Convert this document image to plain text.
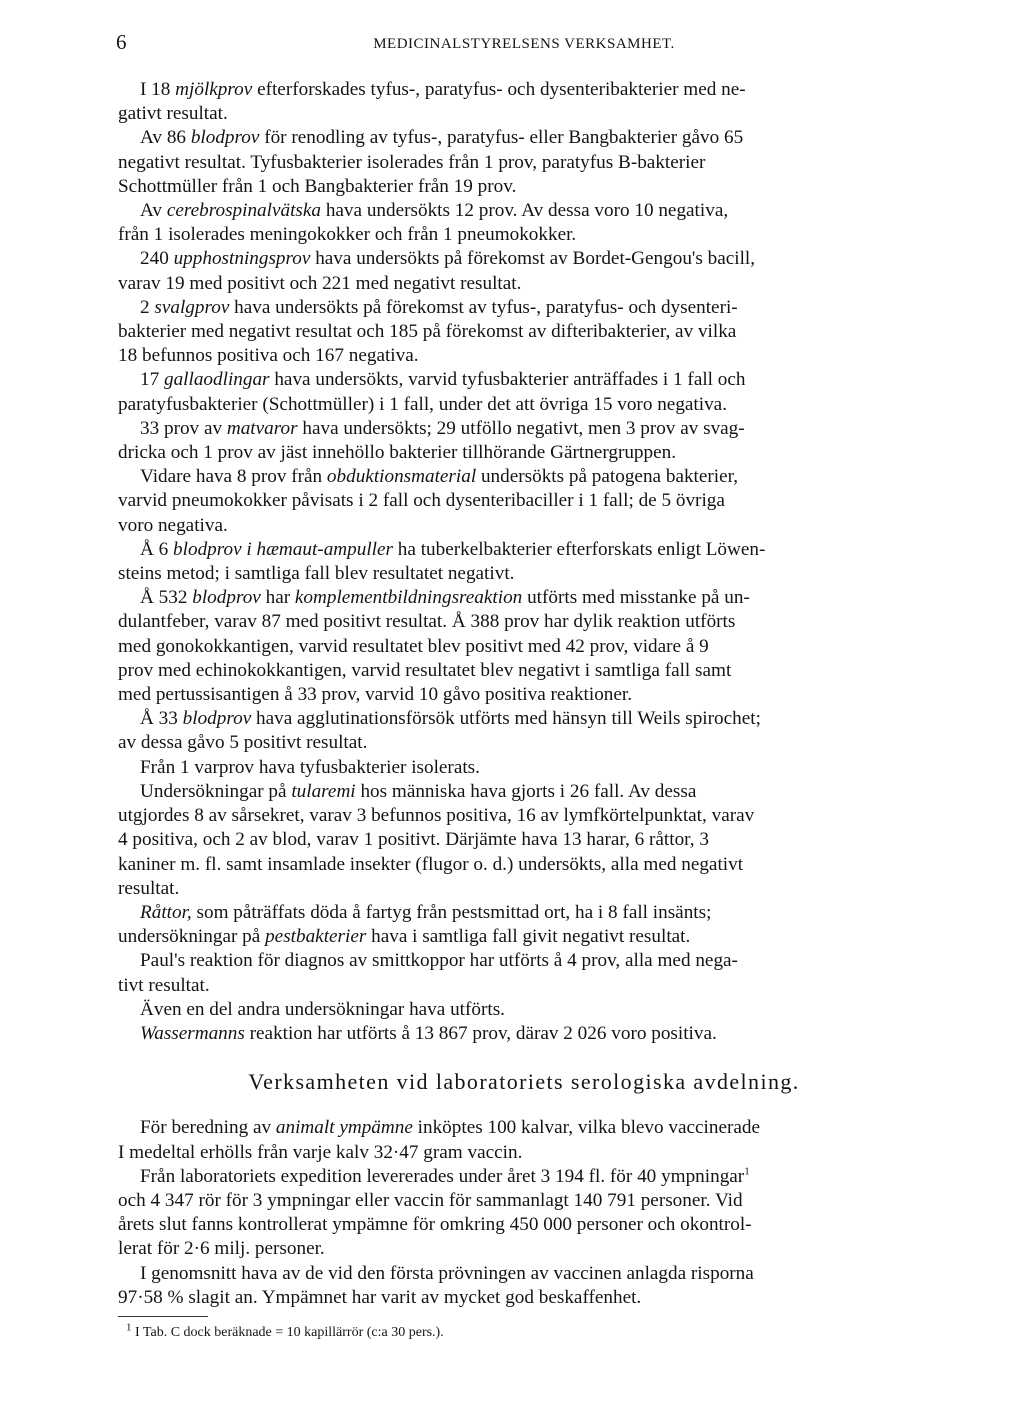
6	MEDICINALSTYRELSENS VERKSAMHET.

I 18 mjölkprov efterforskades tyfus-, paratyfus- och dysenteribakterier med ne-
gativt resultat.

Av 86 blodprov för renodling av tyfus-, paratyfus- eller Bangbakterier gåvo 65
negativt resultat. Tyfusbakterier isolerades från 1 prov, paratyfus B-bakterier
Schottmüller från 1 och Bangbakterier från 19 prov.

Av cerebrospinalvätska hava undersökts 12 prov. Av dessa voro 10 negativa,
från 1 isolerades meningokokker och från 1 pneumokokker.

240 upphostningsprov hava undersökts på förekomst av Bordet-Gengou's bacill,
varav 19 med positivt och 221 med negativt resultat.

2 svalgprov hava undersökts på förekomst av tyfus-, paratyfus- och dysenteri-
bakterier med negativt resultat och 185 på förekomst av difteribakterier, av vilka
18 befunnos positiva och 167 negativa.

17 gallaodlingar hava undersökts, varvid tyfusbakterier anträffades i 1 fall och
paratyfusbakterier (Schottmüller) i 1 fall, under det att övriga 15 voro negativa.

33 prov av matvaror hava undersökts; 29 utföllo negativt, men 3 prov av svag-
dricka och 1 prov av jäst innehöllo bakterier tillhörande Gärtnergruppen.

Vidare hava 8 prov från obduktionsmaterial undersökts på patogena bakterier,
varvid pneumokokker påvisats i 2 fall och dysenteribaciller i 1 fall; de 5 övriga
voro negativa.

Å 6 blodprov i hæmaut-ampuller ha tuberkelbakterier efterforskats enligt Löwen-
steins metod; i samtliga fall blev resultatet negativt.

Å 532 blodprov har komplementbildningsreaktion utförts med misstanke på un-
dulantfeber, varav 87 med positivt resultat. Å 388 prov har dylik reaktion utförts
med gonokokkantigen, varvid resultatet blev positivt med 42 prov, vidare å 9
prov med echinokokkantigen, varvid resultatet blev negativt i samtliga fall samt
med pertussisantigen å 33 prov, varvid 10 gåvo positiva reaktioner.

Å 33 blodprov hava agglutinationsförsök utförts med hänsyn till Weils spirochet;
av dessa gåvo 5 positivt resultat.

Från 1 varprov hava tyfusbakterier isolerats.

Undersökningar på tularemi hos människa hava gjorts i 26 fall. Av dessa
utgjordes 8 av sårsekret, varav 3 befunnos positiva, 16 av lymfkörtelpunktat, varav
4 positiva, och 2 av blod, varav 1 positivt. Därjämte hava 13 harar, 6 råttor, 3
kaniner m. fl. samt insamlade insekter (flugor o. d.) undersökts, alla med negativt
resultat.

Råttor, som påträffats döda å fartyg från pestsmittad ort, ha i 8 fall insänts;
undersökningar på pestbakterier hava i samtliga fall givit negativt resultat.

Paul's reaktion för diagnos av smittkoppor har utförts å 4 prov, alla med nega-
tivt resultat.

Även en del andra undersökningar hava utförts.

Wassermanns reaktion har utförts å 13 867 prov, därav 2 026 voro positiva.

Verksamheten vid laboratoriets serologiska avdelning.

För beredning av animalt ympämne inköptes 100 kalvar, vilka blevo vaccinerade
I medeltal erhölls från varje kalv 32·47 gram vaccin.

Från laboratoriets expedition levererades under året 3 194 fl. för 40 ympningar$^1$
och 4 347 rör för 3 ympningar eller vaccin för sammanlagt 140 791 personer. Vid
årets slut fanns kontrollerat ympämne för omkring 450 000 personer och okontrol-
lerat för 2·6 milj. personer.

I genomsnitt hava av de vid den första prövningen av vaccinen anlagda risporna
97·58 % slagit an. Ympämnet har varit av mycket god beskaffenhet.

$^1$ I Tab. C dock beräknade = 10 kapillärrör (c:a 30 pers.).
